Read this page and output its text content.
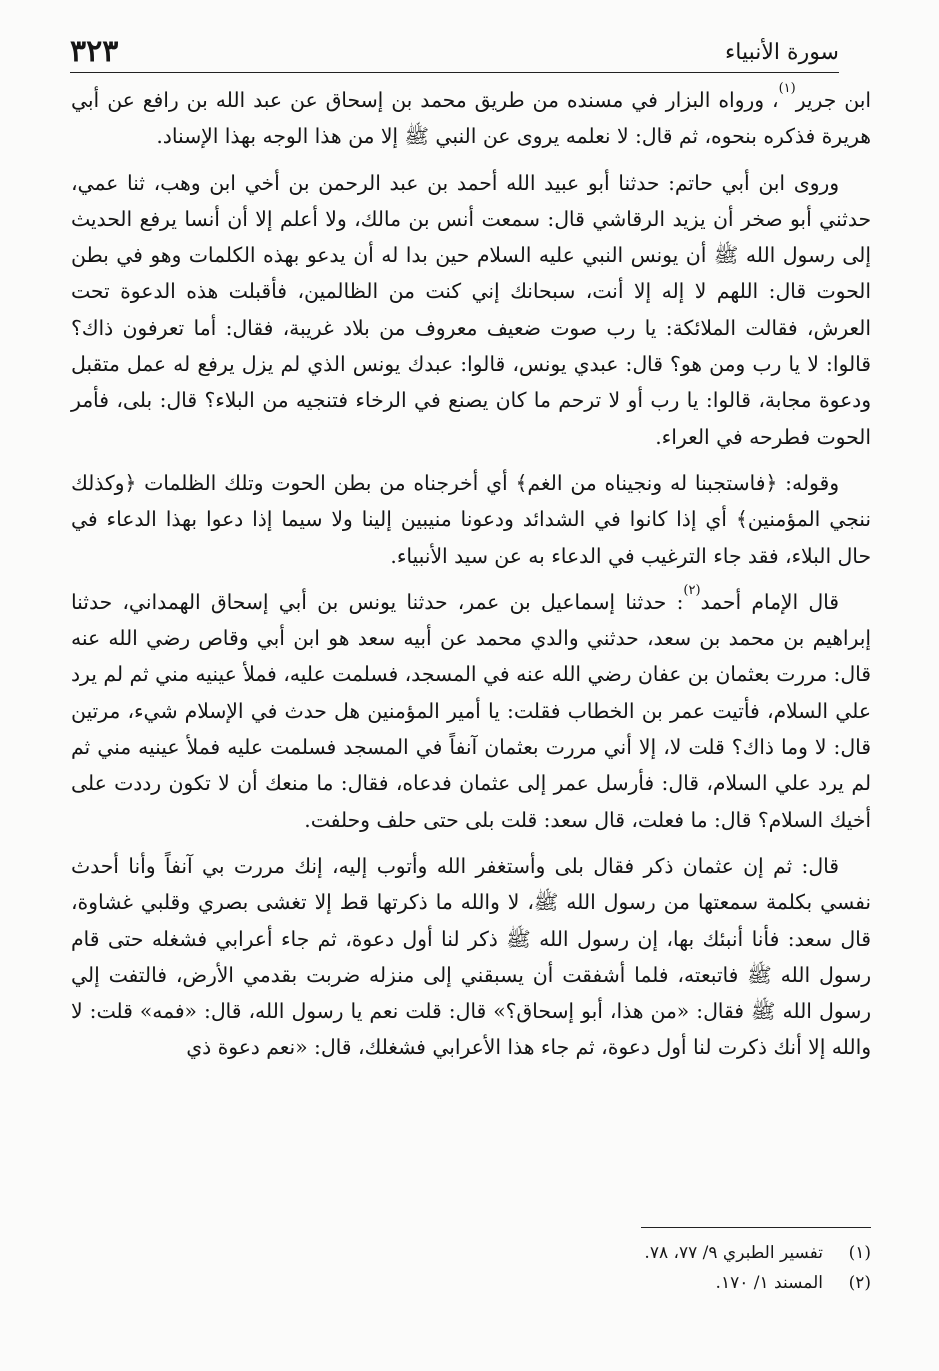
سورة الأنبياء
٣٢٣

ابن جرير$^{(١)}$، ورواه البزار في مسنده من طريق محمد بن إسحاق عن عبد الله بن رافع عن أبي هريرة فذكره بنحوه، ثم قال: لا نعلمه يروى عن النبي ﷺ إلا من هذا الوجه بهذا الإسناد.

وروى ابن أبي حاتم: حدثنا أبو عبيد الله أحمد بن عبد الرحمن بن أخي ابن وهب، ثنا عمي، حدثني أبو صخر أن يزيد الرقاشي قال: سمعت أنس بن مالك، ولا أعلم إلا أن أنسا يرفع الحديث إلى رسول الله ﷺ أن يونس النبي عليه السلام حين بدا له أن يدعو بهذه الكلمات وهو في بطن الحوت قال: اللهم لا إله إلا أنت، سبحانك إني كنت من الظالمين، فأقبلت هذه الدعوة تحت العرش، فقالت الملائكة: يا رب صوت ضعيف معروف من بلاد غريبة، فقال: أما تعرفون ذاك؟ قالوا: لا يا رب ومن هو؟ قال: عبدي يونس، قالوا: عبدك يونس الذي لم يزل يرفع له عمل متقبل ودعوة مجابة، قالوا: يا رب أو لا ترحم ما كان يصنع في الرخاء فتنجيه من البلاء؟ قال: بلى، فأمر الحوت فطرحه في العراء.

وقوله: ﴿فاستجبنا له ونجيناه من الغم﴾ أي أخرجناه من بطن الحوت وتلك الظلمات ﴿وكذلك ننجي المؤمنين﴾ أي إذا كانوا في الشدائد ودعونا منيبين إلينا ولا سيما إذا دعوا بهذا الدعاء في حال البلاء، فقد جاء الترغيب في الدعاء به عن سيد الأنبياء.

قال الإمام أحمد$^{(٢)}$: حدثنا إسماعيل بن عمر، حدثنا يونس بن أبي إسحاق الهمداني، حدثنا إبراهيم بن محمد بن سعد، حدثني والدي محمد عن أبيه سعد هو ابن أبي وقاص رضي الله عنه قال: مررت بعثمان بن عفان رضي الله عنه في المسجد، فسلمت عليه، فملأ عينيه مني ثم لم يرد علي السلام، فأتيت عمر بن الخطاب فقلت: يا أمير المؤمنين هل حدث في الإسلام شيء، مرتين قال: لا وما ذاك؟ قلت لا، إلا أني مررت بعثمان آنفاً في المسجد فسلمت عليه فملأ عينيه مني ثم لم يرد علي السلام، قال: فأرسل عمر إلى عثمان فدعاه، فقال: ما منعك أن لا تكون رددت على أخيك السلام؟ قال: ما فعلت، قال سعد: قلت بلى حتى حلف وحلفت.

قال: ثم إن عثمان ذكر فقال بلى وأستغفر الله وأتوب إليه، إنك مررت بي آنفاً وأنا أحدث نفسي بكلمة سمعتها من رسول الله ﷺ، لا والله ما ذكرتها قط إلا تغشى بصري وقلبي غشاوة، قال سعد: فأنا أنبئك بها، إن رسول الله ﷺ ذكر لنا أول دعوة، ثم جاء أعرابي فشغله حتى قام رسول الله ﷺ فاتبعته، فلما أشفقت أن يسبقني إلى منزله ضربت بقدمي الأرض، فالتفت إلي رسول الله ﷺ فقال: «من هذا، أبو إسحاق؟» قال: قلت نعم يا رسول الله، قال: «فمه» قلت: لا والله إلا أنك ذكرت لنا أول دعوة، ثم جاء هذا الأعرابي فشغلك، قال: «نعم دعوة ذي

(١)
تفسير الطبري ٩/ ٧٧، ٧٨.
(٢)
المسند ١/ ١٧٠.
